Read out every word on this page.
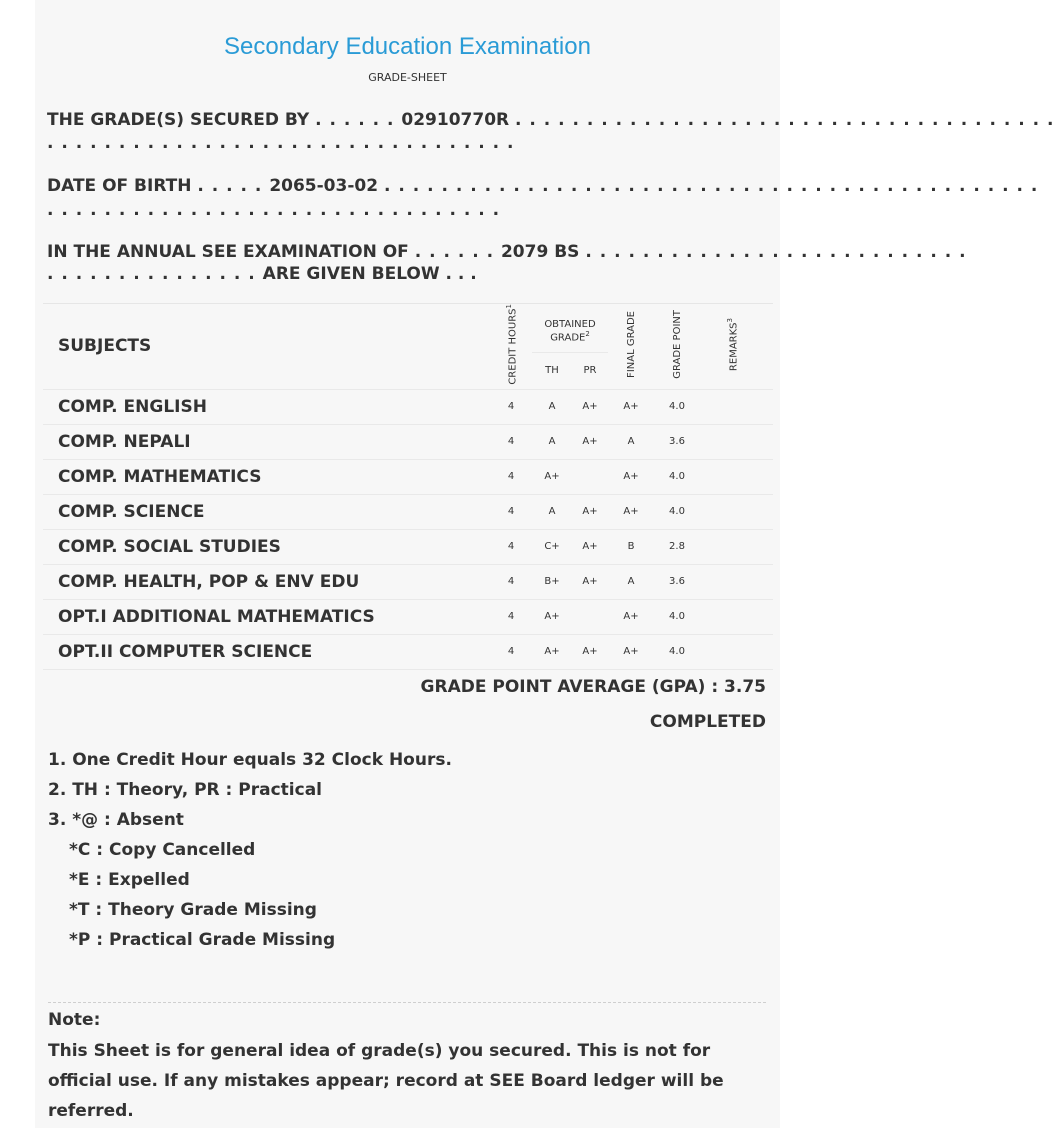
Secondary Education Examination
GRADE-SHEET
THE GRADE(S) SECURED BY . . . . . . 02910770R . . . . . . . . . . . . . . . . . . . . . . . . . . . . . . . . . . . . . .
. . . . . . . . . . . . . . . . . . . . . . . . . . . . . . . . .
DATE OF BIRTH . . . . . 2065-03-02 . . . . . . . . . . . . . . . . . . . . . . . . . . . . . . . . . . . . . . . . . . . . . .
. . . . . . . . . . . . . . . . . . . . . . . . . . . . . . . .
IN THE ANNUAL SEE EXAMINATION OF . . . . . . 2079 BS . . . . . . . . . . . . . . . . . . . . . . . . . . .
. . . . . . . . . . . . . . . ARE GIVEN BELOW . . .
SUBJECTS	CREDIT HOURS$^1$	OBTAINED GRADE$^2$		FINAL GRADE	GRADE POINT	REMARKS$^3$
		TH	PR			
COMP. ENGLISH	4	A	A+	A+	4.0	
COMP. NEPALI	4	A	A+	A	3.6	
COMP. MATHEMATICS	4	A+		A+	4.0	
COMP. SCIENCE	4	A	A+	A+	4.0	
COMP. SOCIAL STUDIES	4	C+	A+	B	2.8	
COMP. HEALTH, POP & ENV EDU	4	B+	A+	A	3.6	
OPT.I ADDITIONAL MATHEMATICS	4	A+		A+	4.0	
OPT.II COMPUTER SCIENCE	4	A+	A+	A+	4.0	
GRADE POINT AVERAGE (GPA) : 3.75
COMPLETED
1. One Credit Hour equals 32 Clock Hours.
2. TH : Theory, PR : Practical
3. *@ : Absent
*C : Copy Cancelled
*E : Expelled
*T : Theory Grade Missing
*P : Practical Grade Missing
Note:
This Sheet is for general idea of grade(s) you secured. This is not for official use. If any mistakes appear; record at SEE Board ledger will be referred.
